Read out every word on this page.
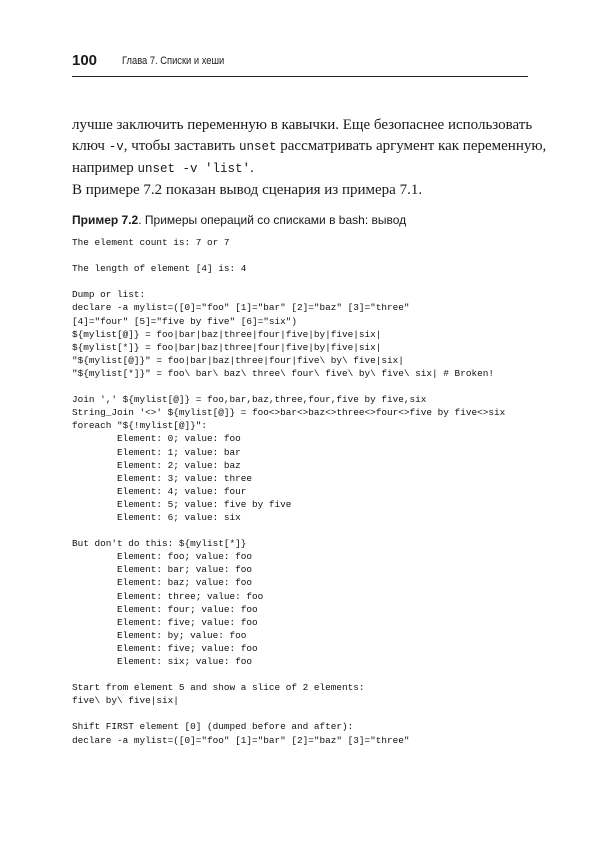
100 Глава 7. Списки и хеши
лучше заключить переменную в кавычки. Еще безопаснее использовать
ключ -v, чтобы заставить unset рассматривать аргумент как переменную,
например unset -v 'list'.
В примере 7.2 показан вывод сценария из примера 7.1.
Пример 7.2. Примеры операций со списками в bash: вывод
The element count is: 7 or 7

The length of element [4] is: 4

Dump or list:
declare -a mylist=([0]="foo" [1]="bar" [2]="baz" [3]="three"
[4]="four" [5]="five by five" [6]="six")
${mylist[@]} = foo|bar|baz|three|four|five|by|five|six|
${mylist[*]} = foo|bar|baz|three|four|five|by|five|six|
"${mylist[@]}" = foo|bar|baz|three|four|five\ by\ five|six|
"${mylist[*]}" = foo\ bar\ baz\ three\ four\ five\ by\ five\ six| # Broken!

Join ',' ${mylist[@]} = foo,bar,baz,three,four,five by five,six
String_Join '<>' ${mylist[@]} = foo<>bar<>baz<>three<>four<>five by five<>six
foreach "${!mylist[@]}":
Element: 0; value: foo
Element: 1; value: bar
Element: 2; value: baz
Element: 3; value: three
Element: 4; value: four
Element: 5; value: five by five
Element: 6; value: six

But don't do this: ${mylist[*]}
Element: foo; value: foo
Element: bar; value: foo
Element: baz; value: foo
Element: three; value: foo
Element: four; value: foo
Element: five; value: foo
Element: by; value: foo
Element: five; value: foo
Element: six; value: foo

Start from element 5 and show a slice of 2 elements:
five\ by\ five|six|

Shift FIRST element [0] (dumped before and after):
declare -a mylist=([0]="foo" [1]="bar" [2]="baz" [3]="three"
